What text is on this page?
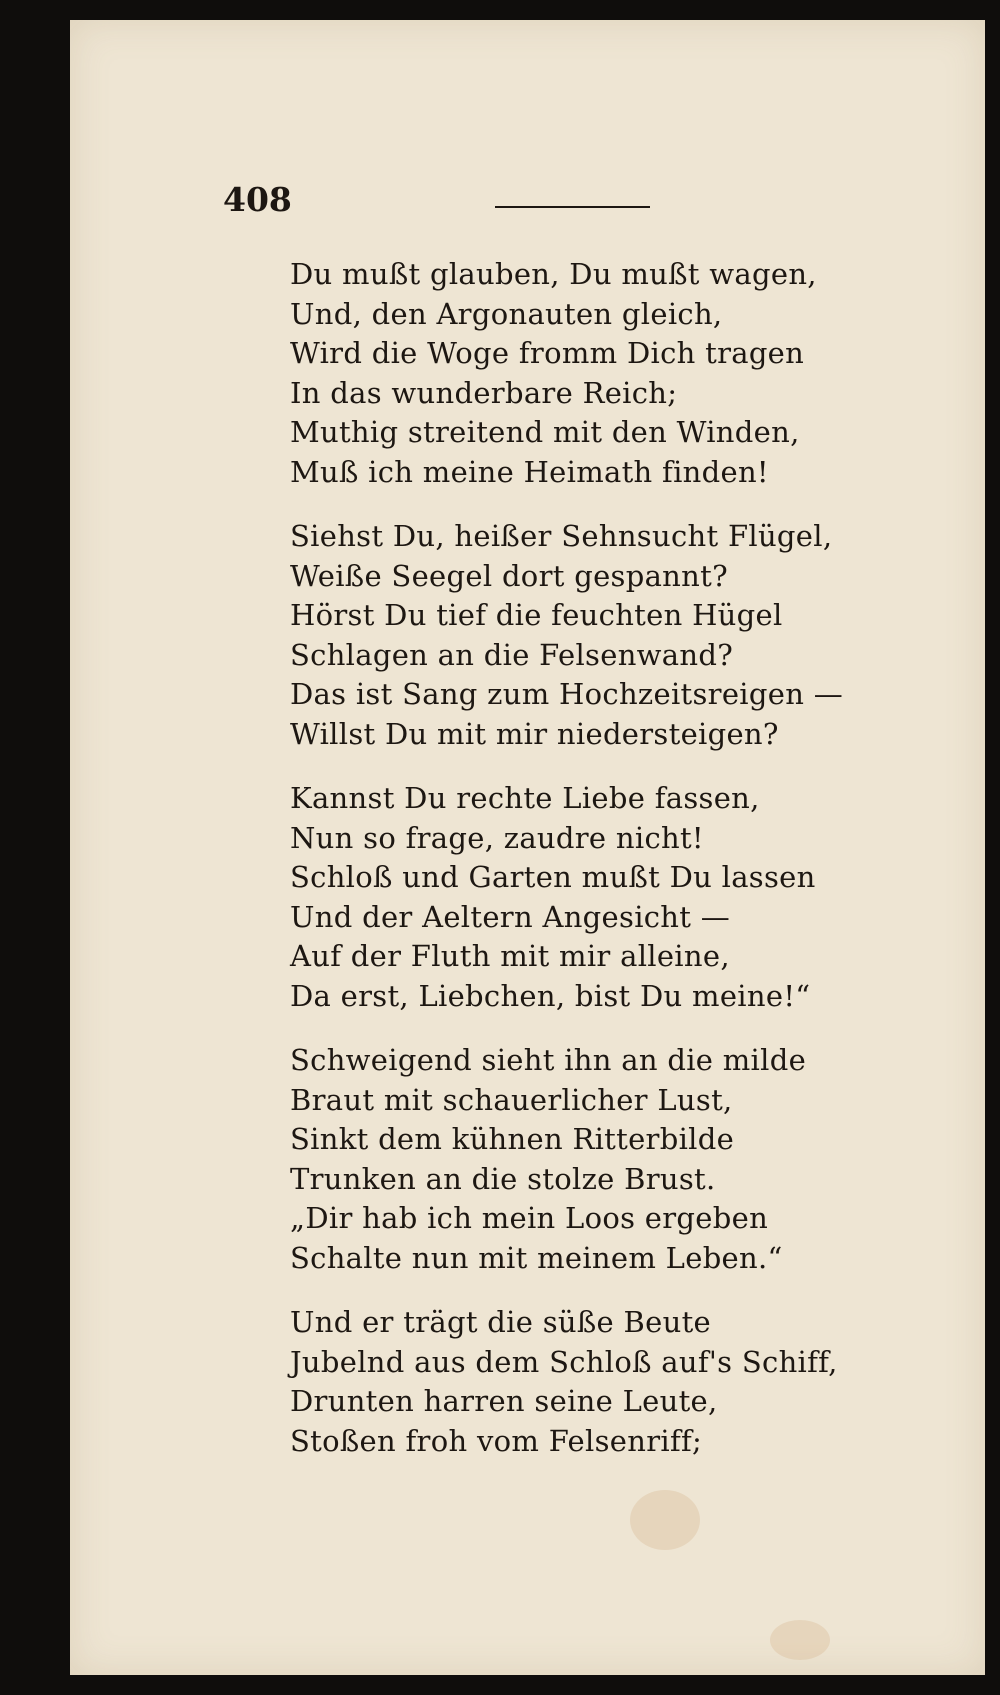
408
Du mußt glauben, Du mußt wagen,
Und, den Argonauten gleich,
Wird die Woge fromm Dich tragen
In das wunderbare Reich;
Muthig streitend mit den Winden,
Muß ich meine Heimath finden!
Siehst Du, heißer Sehnsucht Flügel,
Weiße Seegel dort gespannt?
Hörst Du tief die feuchten Hügel
Schlagen an die Felsenwand?
Das ist Sang zum Hochzeitsreigen —
Willst Du mit mir niedersteigen?
Kannst Du rechte Liebe fassen,
Nun so frage, zaudre nicht!
Schloß und Garten mußt Du lassen
Und der Aeltern Angesicht —
Auf der Fluth mit mir alleine,
Da erst, Liebchen, bist Du meine!“
Schweigend sieht ihn an die milde
Braut mit schauerlicher Lust,
Sinkt dem kühnen Ritterbilde
Trunken an die stolze Brust.
„Dir hab ich mein Loos ergeben
Schalte nun mit meinem Leben.“
Und er trägt die süße Beute
Jubelnd aus dem Schloß auf's Schiff,
Drunten harren seine Leute,
Stoßen froh vom Felsenriff;
